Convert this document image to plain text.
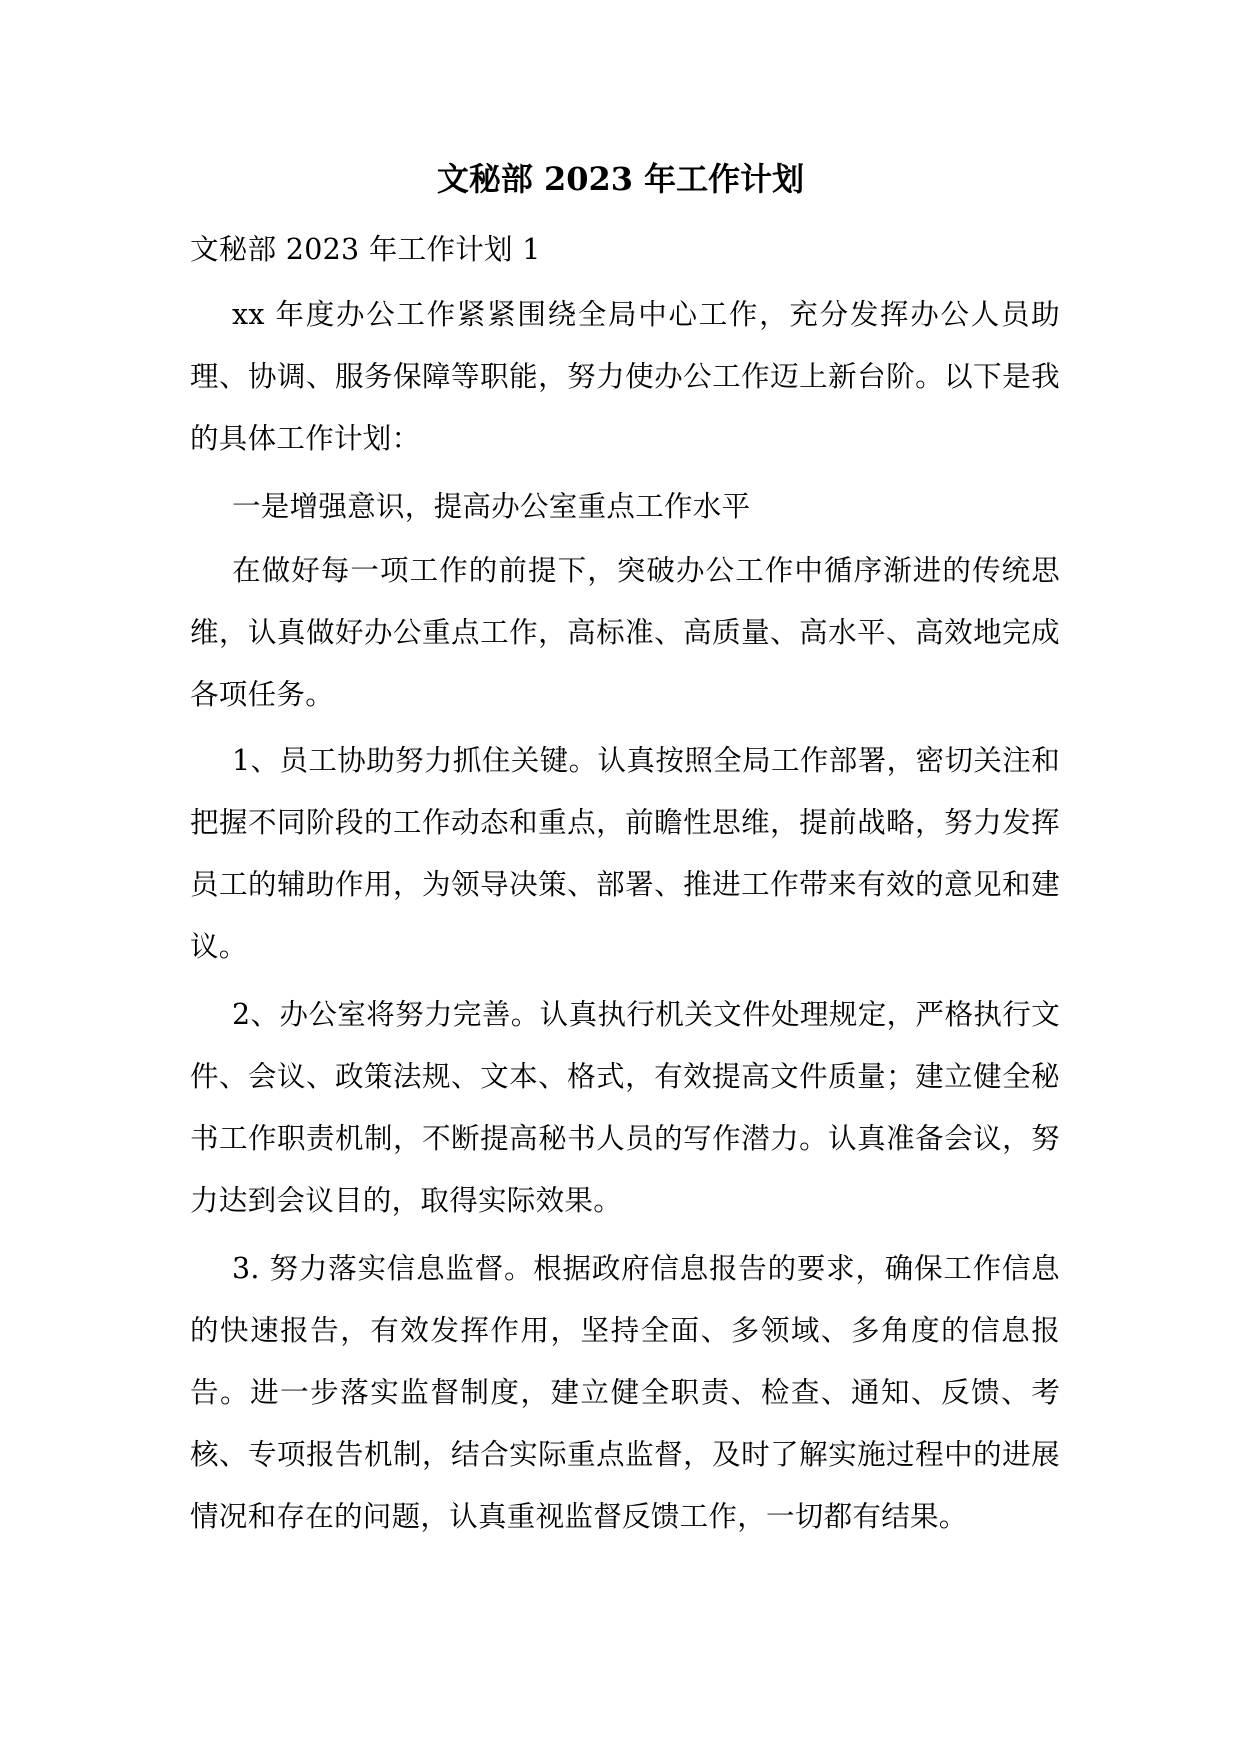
文秘部 2023 年工作计划

文秘部 2023 年工作计划 1

xx 年度办公工作紧紧围绕全局中心工作，充分发挥办公人员助理、协调、服务保障等职能，努力使办公工作迈上新台阶。以下是我的具体工作计划：

一是增强意识，提高办公室重点工作水平

在做好每一项工作的前提下，突破办公工作中循序渐进的传统思维，认真做好办公重点工作，高标准、高质量、高水平、高效地完成各项任务。

1、员工协助努力抓住关键。认真按照全局工作部署，密切关注和把握不同阶段的工作动态和重点，前瞻性思维，提前战略，努力发挥员工的辅助作用，为领导决策、部署、推进工作带来有效的意见和建议。

2、办公室将努力完善。认真执行机关文件处理规定，严格执行文件、会议、政策法规、文本、格式，有效提高文件质量；建立健全秘书工作职责机制，不断提高秘书人员的写作潜力。认真准备会议，努力达到会议目的，取得实际效果。

3. 努力落实信息监督。根据政府信息报告的要求，确保工作信息的快速报告，有效发挥作用，坚持全面、多领域、多角度的信息报告。进一步落实监督制度，建立健全职责、检查、通知、反馈、考核、专项报告机制，结合实际重点监督，及时了解实施过程中的进展情况和存在的问题，认真重视监督反馈工作，一切都有结果。
